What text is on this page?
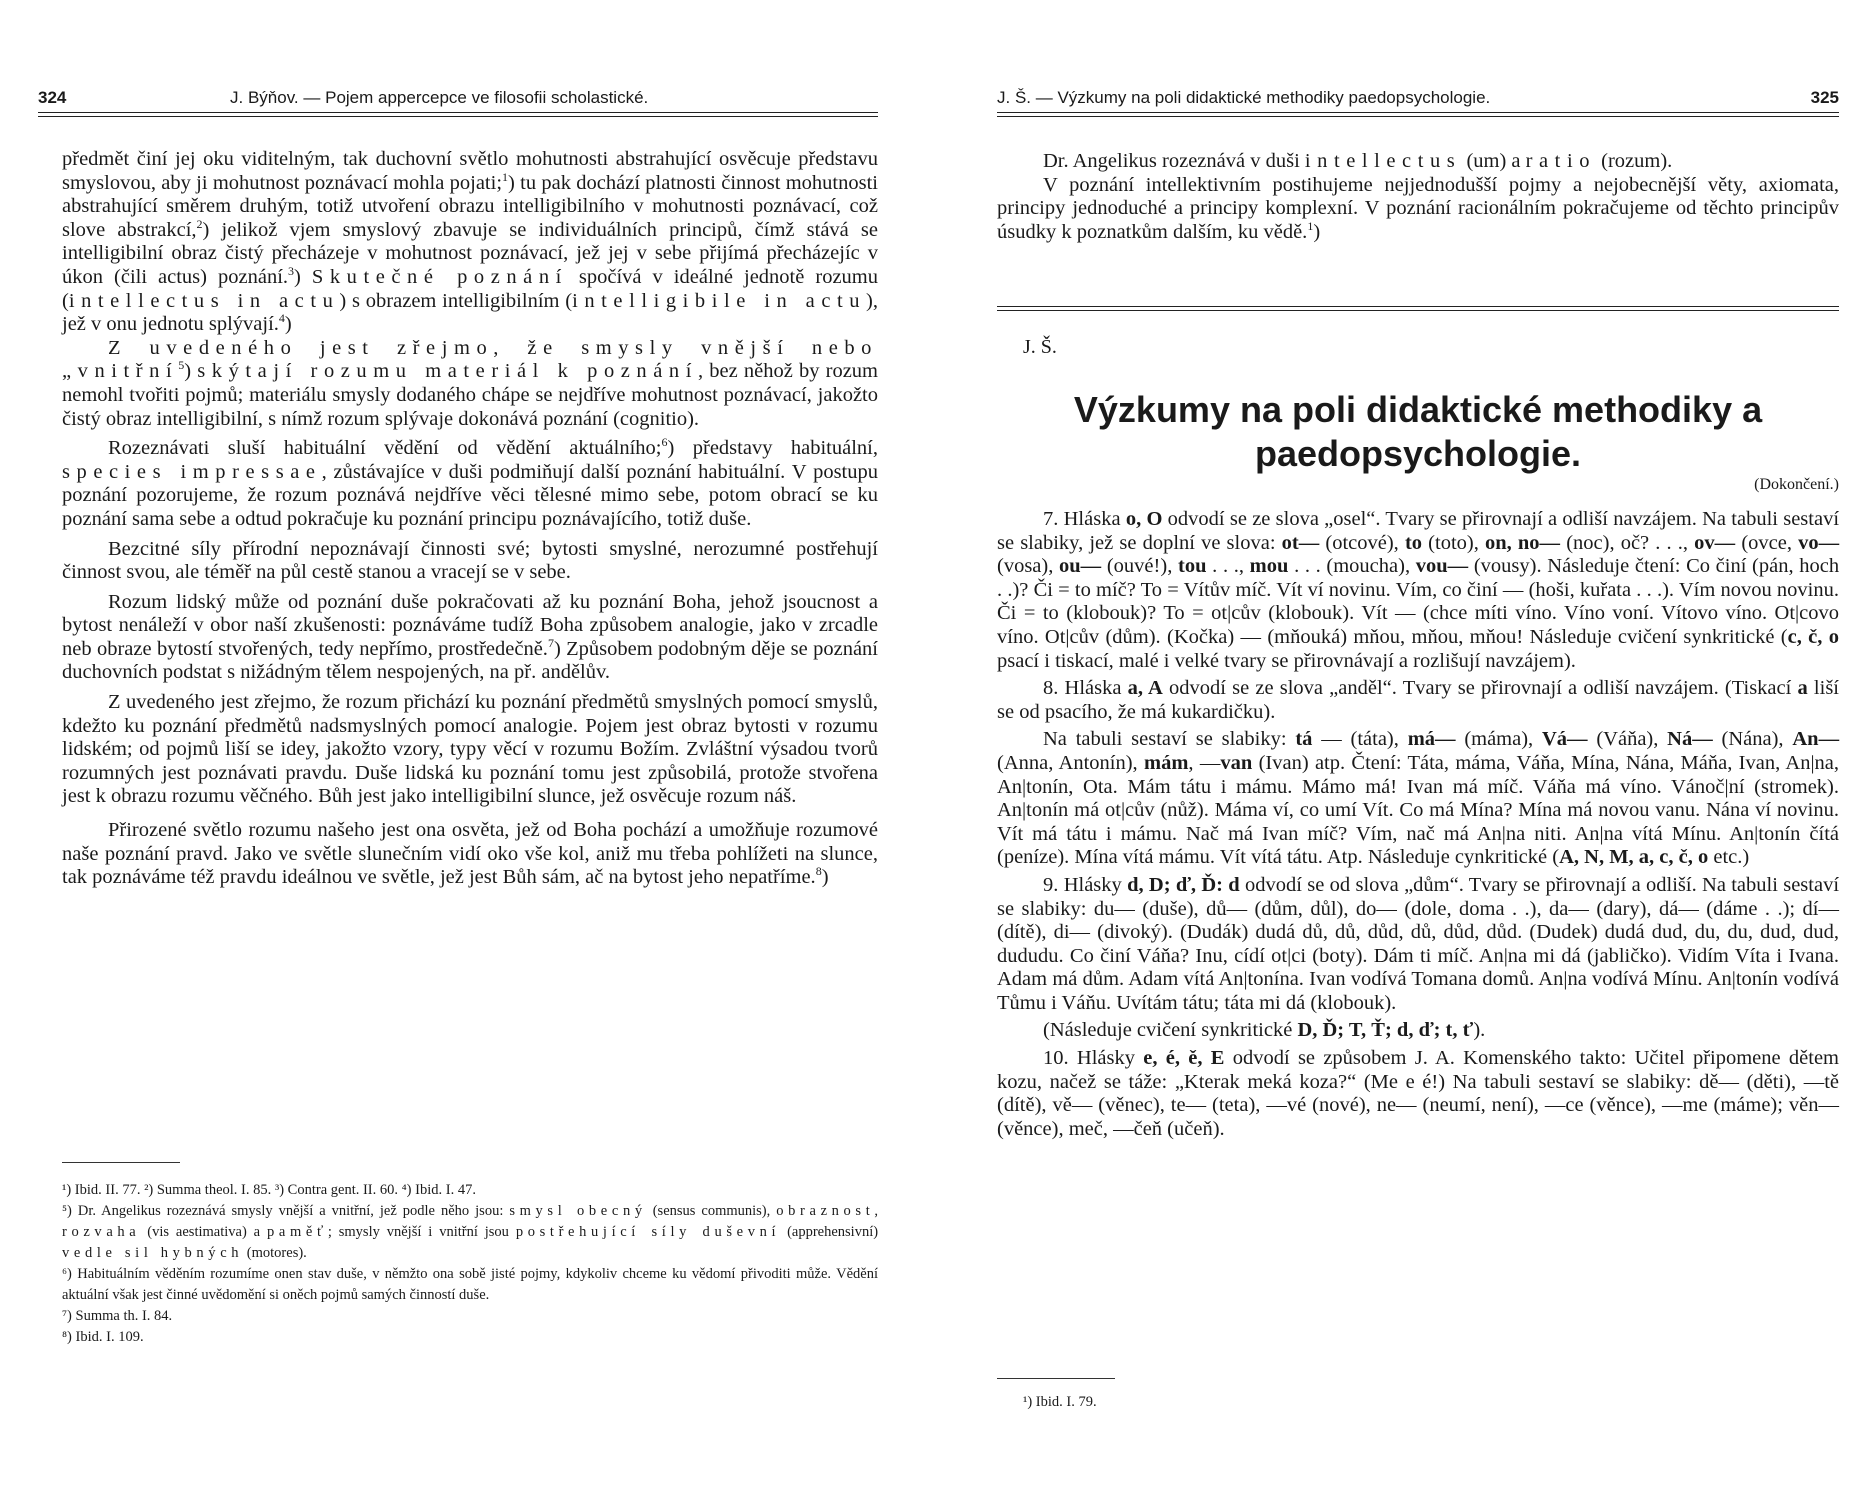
324	J. Býňov. — Pojem appercepce ve filosofii scholastické.

předmět činí jej oku viditelným, tak duchovní světlo mohutnosti abstrahující osvěcuje představu smyslovou, aby ji mohutnost poznávací mohla pojati;$^1$) tu pak dochází platnosti činnost mohutnosti abstrahující směrem druhým, totiž utvoření obrazu intelligibilního v mohutnosti poznávací, což slove abstrakcí,$^2$) jelikož vjem smyslový zbavuje se individuálních principů, čímž stává se intelligibilní obraz čistý přecházeje v mohutnost poznávací, jež jej v sebe přijímá přecházejíc v úkon (čili actus) poznání.$^3$) Skutečné poznání spočívá v ideálné jednotě rozumu (intellectus in actu) s obrazem intelligibilním (intelligibile in actu), jež v onu jednotu splývají.$^4$)

Z uvedeného jest zřejmo, že smysly vnější nebo „vnitřní$^5$) skýtají rozumu materiál k poznání, bez něhož by rozum nemohl tvořiti pojmů; materiálu smysly dodaného chápe se nejdříve mohutnost poznávací, jakožto čistý obraz intelligibilní, s nímž rozum splývaje dokonává poznání (cognitio).

Rozeznávati sluší habituální vědění od vědění aktuálního;$^6$) představy habituální, species impressae, zůstávajíce v duši podmiňují další poznání habituální. V postupu poznání pozorujeme, že rozum poznává nejdříve věci tělesné mimo sebe, potom obrací se ku poznání sama sebe a odtud pokračuje ku poznání principu poznávajícího, totiž duše.

Bezcitné síly přírodní nepoznávají činnosti své; bytosti smyslné, nerozumné postřehují činnost svou, ale téměř na půl cestě stanou a vracejí se v sebe.

Rozum lidský může od poznání duše pokračovati až ku poznání Boha, jehož jsoucnost a bytost nenáleží v obor naší zkušenosti: poznáváme tudíž Boha způsobem analogie, jako v zrcadle neb obraze bytostí stvořených, tedy nepřímo, prostředečně.$^7$) Způsobem podobným děje se poznání duchovních podstat s nižádným tělem nespojených, na př. andělův.

Z uvedeného jest zřejmo, že rozum přichází ku poznání předmětů smyslných pomocí smyslů, kdežto ku poznání předmětů nadsmyslných pomocí analogie. Pojem jest obraz bytosti v rozumu lidském; od pojmů liší se idey, jakožto vzory, typy věcí v rozumu Božím. Zvláštní výsadou tvorů rozumných jest poznávati pravdu. Duše lidská ku poznání tomu jest způsobilá, protože stvořena jest k obrazu rozumu věčného. Bůh jest jako intelligibilní slunce, jež osvěcuje rozum náš.

Přirozené světlo rozumu našeho jest ona osvěta, jež od Boha pochází a umožňuje rozumové naše poznání pravd. Jako ve světle slunečním vidí oko vše kol, aniž mu třeba pohlížeti na slunce, tak poznáváme též pravdu ideálnou ve světle, jež jest Bůh sám, ač na bytost jeho nepatříme.$^8$)

¹) Ibid. II. 77. ²) Summa theol. I. 85. ³) Contra gent. II. 60. ⁴) Ibid. I. 47.

⁵) Dr. Angelikus rozeznává smysly vnější a vnitřní, jež podle něho jsou: smysl obecný (sensus communis), obraznost, rozvaha (vis aestimativa) a paměť; smysly vnější i vnitřní jsou postřehující síly duševní (apprehensivní) vedle sil hybných (motores).

⁶) Habituálním věděním rozumíme onen stav duše, v němžto ona sobě jisté pojmy, kdykoliv chceme ku vědomí přivoditi může. Vědění aktuální však jest činné uvědomění si oněch pojmů samých činností duše.

⁷) Summa th. I. 84.

⁸) Ibid. I. 109.

J. Š. — Výzkumy na poli didaktické methodiky paedopsychologie.	325

Dr. Angelikus rozeznává v duši intellectus (um) a ratio (rozum).

V poznání intellektivním postihujeme nejjednodušší pojmy a nejobecnější věty, axiomata, principy jednoduché a principy komplexní. V poznání racionálním pokračujeme od těchto principův úsudky k poznatkům dalším, ku vědě.$^1$)

J. Š.
Výzkumy na poli didaktické methodiky a paedopsychologie.
(Dokončení.)

7. Hláska o, O odvodí se ze slova „osel“. Tvary se přirovnají a odliší navzájem. Na tabuli sestaví se slabiky, jež se doplní ve slova: ot— (otcové), to (toto), on, no— (noc), oč? . . ., ov— (ovce, vo— (vosa), ou— (ouvé!), tou . . ., mou . . . (moucha), vou— (vousy). Následuje čtení: Co činí (pán, hoch . .)? Či = to míč? To = Vítův míč. Vít ví novinu. Vím, co činí — (hoši, kuřata . . .). Vím novou novinu. Či = to (klobouk)? To = ot|cův (klobouk). Vít — (chce míti víno. Víno voní. Vítovo víno. Ot|covo víno. Ot|cův (dům). (Kočka) — (mňouká) mňou, mňou, mňou! Následuje cvičení synkritické (c, č, o psací i tiskací, malé i velké tvary se přirovnávají a rozlišují navzájem).

8. Hláska a, A odvodí se ze slova „anděl“. Tvary se přirovnají a odliší navzájem. (Tiskací a liší se od psacího, že má kukardičku).

Na tabuli sestaví se slabiky: tá — (táta), má— (máma), Vá— (Váňa), Ná— (Nána), An— (Anna, Antonín), mám, —van (Ivan) atp. Čtení: Táta, máma, Váňa, Mína, Nána, Máňa, Ivan, An|na, An|tonín, Ota. Mám tátu i mámu. Mámo má! Ivan má míč. Váňa má víno. Vánoč|ní (stromek). An|tonín má ot|cův (nůž). Máma ví, co umí Vít. Co má Mína? Mína má novou vanu. Nána ví novinu. Vít má tátu i mámu. Nač má Ivan míč? Vím, nač má An|na niti. An|na vítá Mínu. An|tonín čítá (peníze). Mína vítá mámu. Vít vítá tátu. Atp. Následuje cynkritické (A, N, M, a, c, č, o etc.)

9. Hlásky d, D; ď, Ď: d odvodí se od slova „dům“. Tvary se přirovnají a odliší. Na tabuli sestaví se slabiky: du— (duše), dů— (dům, důl), do— (dole, doma . .), da— (dary), dá— (dáme . .); dí— (dítě), di— (divoký). (Dudák) dudá dů, dů, důd, dů, důd, důd. (Dudek) dudá dud, du, du, dud, dud, dududu. Co činí Váňa? Inu, cídí ot|ci (boty). Dám ti míč. An|na mi dá (jabličko). Vidím Víta i Ivana. Adam má dům. Adam vítá An|tonína. Ivan vodívá Tomana domů. An|na vodívá Mínu. An|tonín vodívá Tůmu i Váňu. Uvítám tátu; táta mi dá (klobouk).

(Následuje cvičení synkritické D, Ď; T, Ť; d, ď; t, ť).

10. Hlásky e, é, ě, E odvodí se způsobem J. A. Komenského takto: Učitel připomene dětem kozu, načež se táže: „Kterak meká koza?“ (Me e é!) Na tabuli sestaví se slabiky: dě— (děti), —tě (dítě), vě— (věnec), te— (teta), —vé (nové), ne— (neumí, není), —ce (věnce), —me (máme); věn— (věnce), meč, —čeň (učeň).

¹) Ibid. I. 79.
